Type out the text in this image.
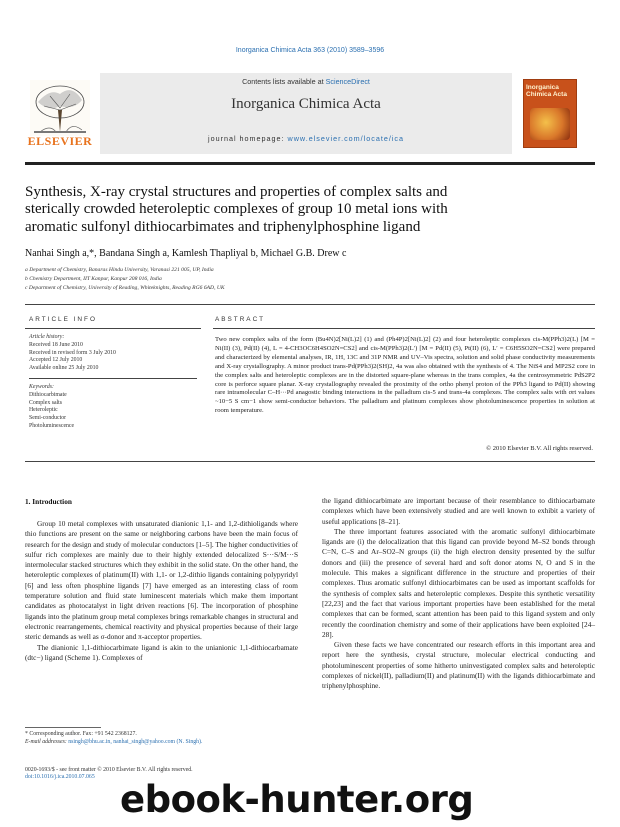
Inorganica Chimica Acta 363 (2010) 3589–3596
ELSEVIER
Contents lists available at ScienceDirect
Inorganica Chimica Acta
journal homepage: www.elsevier.com/locate/ica
Inorganica Chimica Acta
Synthesis, X-ray crystal structures and properties of complex salts and
sterically crowded heteroleptic complexes of group 10 metal ions with
aromatic sulfonyl dithiocarbimates and triphenylphosphine ligand
Nanhai Singh a,*, Bandana Singh a, Kamlesh Thapliyal b, Michael G.B. Drew c
a Department of Chemistry, Banaras Hindu University, Varanasi 221 005, UP, India
b Chemistry Department, IIT Kanpur, Kanpur 208 016, India
c Department of Chemistry, University of Reading, Whiteknights, Reading RG6 6AD, UK
ARTICLE INFO	ABSTRACT
Article history:
Received 18 June 2010
Received in revised form 3 July 2010
Accepted 12 July 2010
Available online 25 July 2010
Keywords:
Dithiocarbimate
Complex salts
Heteroleptic
Semi-conductor
Photoluminescence
Two new complex salts of the form (Bu4N)2[Ni(L)2] (1) and (Ph4P)2[Ni(L)2] (2) and four heteroleptic complexes cis-M(PPh3)2(L) [M = Ni(II) (3), Pd(II) (4), L = 4-CH3OC6H4SO2N=CS2] and cis-M(PPh3)2(L′) [M = Pd(II) (5), Pt(II) (6), L′ = C6H5SO2N=CS2] were prepared and characterized by elemental analyses, IR, 1H, 13C and 31P NMR and UV–Vis spectra, solution and solid phase conductivity measurements and X-ray crystallography. A minor product trans-Pd(PPh3)2(SH)2, 4a was also obtained with the synthesis of 4. The NiS4 and MP2S2 core in the complex salts and heteroleptic complexes are in the distorted square-plane whereas in the trans complex, 4a the centrosymmetric PdS2P2 core is perforce square planar. X-ray crystallography revealed the proximity of the ortho phenyl proton of the PPh3 ligand to Pd(II) showing rare intramolecular C–H···Pd anagostic binding interactions in the palladium cis-5 and trans-4a complexes. The complex salts with σrt values ~10−5 S cm−1 show semi-conductor behaviors. The palladium and platinum complexes show photoluminescence properties in solution at room temperature.
© 2010 Elsevier B.V. All rights reserved.
1. Introduction

Group 10 metal complexes with unsaturated dianionic 1,1- and 1,2-dithioligands where thio functions are present on the same or neighboring carbons have been the main focus of research for the design and study of molecular conductors [1–5]. The higher conductivities of sulfur rich complexes are mainly due to their highly extended delocalized S···S/M···S intermolecular stacked structures which they exhibit in the solid state. On the other hand, the heteroleptic complexes of platinum(II) with 1,1- or 1,2-dithio ligands containing polypyridyl [6] and less often phosphine ligands [7] have emerged as an interesting class of room temperature solution and fluid state luminescent materials which make them important candidates as photocatalyst in light driven reactions [6]. The incorporation of phosphine ligands into the platinum group metal complexes brings remarkable changes in structural and electronic rearrangements, chemical reactivity and physical properties because of their large steric demands as well as σ-donor and π-acceptor properties.

The dianionic 1,1-dithiocarbimate ligand is akin to the unianionic 1,1-dithiocarbamate (dtc−) ligand (Scheme 1). Complexes of

the ligand dithiocarbimate are important because of their resemblance to dithiocarbamate complexes which have been extensively studied and are well known to exhibit a variety of useful applications [8–21].

The three important features associated with the aromatic sulfonyl dithiocarbimate ligands are (i) the delocalization that this ligand can provide beyond M–S2 bonds through C=N, C–S and Ar–SO2–N groups (ii) the high electron density presented by the sulfur donors and (iii) the presence of several hard and soft donor atoms N, O and S in the molecule. This makes a significant difference in the structure and properties of their complexes. Thus aromatic sulfonyl dithiocarbimates can be used as important scaffolds for the synthesis of complex salts and heteroleptic complexes. Despite this synthetic versatility [22,23] and the fact that various important properties have been established for the metal complexes that can be formed, scant attention has been paid to this ligand system and only recently the coordination chemistry and some of their applications have been exploited [24–28].

Given these facts we have concentrated our research efforts in this important area and report here the synthesis, crystal structure, molecular electrical conducting and photoluminescent properties of some hitherto uninvestigated complex salts and heteroleptic complexes of nickel(II), palladium(II) and platinum(II) with the ligands dithiocarbimate and triphenylphosphine.

* Corresponding author. Fax: +91 542 2368127.
E-mail addresses: nsingh@bhu.ac.in, nanhai_singh@yahoo.com (N. Singh).
0020-1693/$ - see front matter © 2010 Elsevier B.V. All rights reserved.
doi:10.1016/j.ica.2010.07.065
ebook-hunter.org
